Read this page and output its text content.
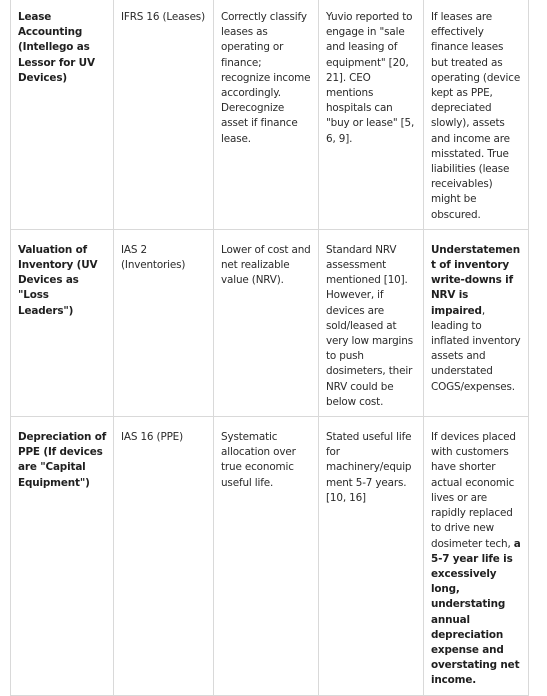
Lease Accounting (Intellego as Lessor for UV Devices)	IFRS 16 (Leases)	Correctly classify leases as operating or finance; recognize income accordingly. Derecognize asset if finance lease.	Yuvio reported to engage in "sale and leasing of equipment" [20, 21]. CEO mentions hospitals can "buy or lease" [5, 6, 9].	If leases are effectively finance leases but treated as operating (device kept as PPE, depreciated slowly), assets and income are misstated. True liabilities (lease receivables) might be obscured.
Valuation of Inventory (UV Devices as "Loss Leaders")	IAS 2 (Inventories)	Lower of cost and net realizable value (NRV).	Standard NRV assessment mentioned [10]. However, if devices are sold/leased at very low margins to push dosimeters, their NRV could be below cost.	Understatement of inventory write-downs if NRV is impaired, leading to inflated inventory assets and understated COGS/expenses.
Depreciation of PPE (If devices are "Capital Equipment")	IAS 16 (PPE)	Systematic allocation over true economic useful life.	Stated useful life for machinery/equipment 5-7 years.[10, 16]	If devices placed with customers have shorter actual economic lives or are rapidly replaced to drive new dosimeter tech, a 5-7 year life is excessively long, understating annual depreciation expense and overstating net income.
